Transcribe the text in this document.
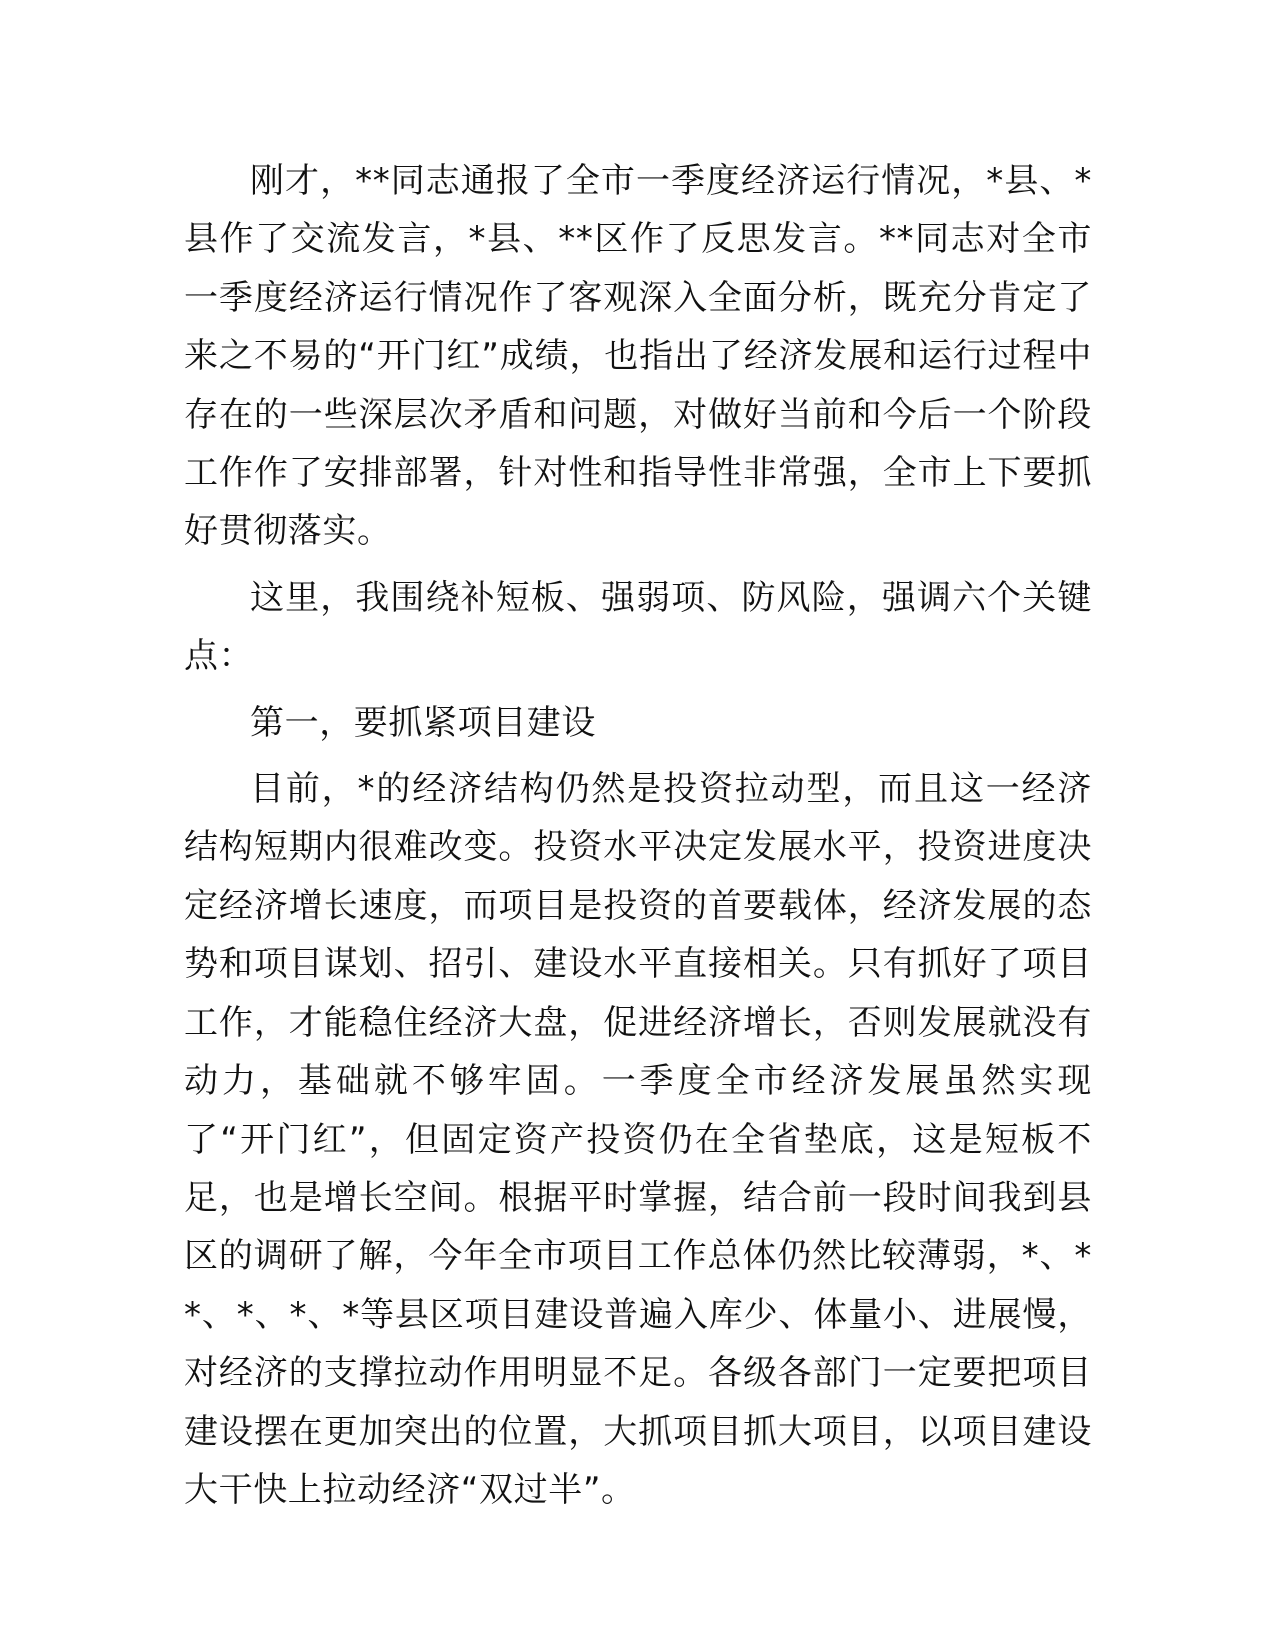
刚才，**同志通报了全市一季度经济运行情况，*县、*县作了交流发言，*县、**区作了反思发言。**同志对全市一季度经济运行情况作了客观深入全面分析，既充分肯定了来之不易的“开门红”成绩，也指出了经济发展和运行过程中存在的一些深层次矛盾和问题，对做好当前和今后一个阶段工作作了安排部署，针对性和指导性非常强，全市上下要抓好贯彻落实。

这里，我围绕补短板、强弱项、防风险，强调六个关键点：

第一，要抓紧项目建设

目前，*的经济结构仍然是投资拉动型，而且这一经济结构短期内很难改变。投资水平决定发展水平，投资进度决定经济增长速度，而项目是投资的首要载体，经济发展的态势和项目谋划、招引、建设水平直接相关。只有抓好了项目工作，才能稳住经济大盘，促进经济增长，否则发展就没有动力，基础就不够牢固。一季度全市经济发展虽然实现了“开门红”，但固定资产投资仍在全省垫底，这是短板不足，也是增长空间。根据平时掌握，结合前一段时间我到县区的调研了解，今年全市项目工作总体仍然比较薄弱，*、**、*、*、*等县区项目建设普遍入库少、体量小、进展慢，对经济的支撑拉动作用明显不足。各级各部门一定要把项目建设摆在更加突出的位置，大抓项目抓大项目，以项目建设大干快上拉动经济“双过半”。
